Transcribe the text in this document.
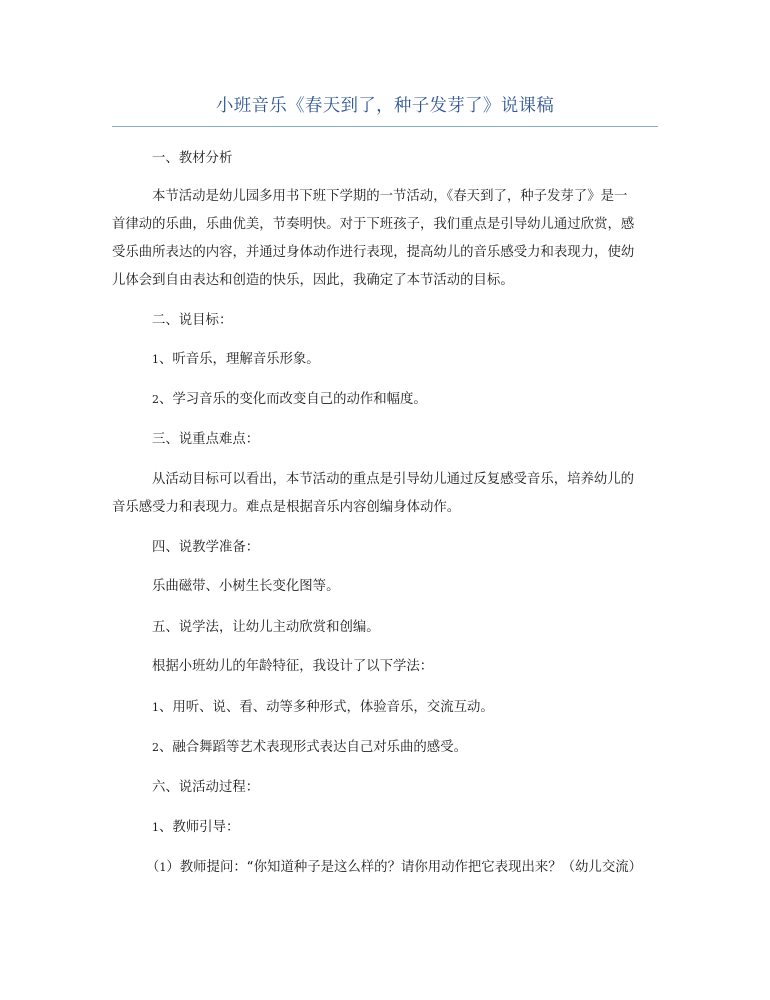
小班音乐《春天到了，种子发芽了》说课稿
一、教材分析
本节活动是幼儿园多用书下班下学期的一节活动，《春天到了，种子发芽了》是一
首律动的乐曲，乐曲优美，节奏明快。对于下班孩子，我们重点是引导幼儿通过欣赏，感
受乐曲所表达的内容，并通过身体动作进行表现，提高幼儿的音乐感受力和表现力，使幼
儿体会到自由表达和创造的快乐，因此，我确定了本节活动的目标。
二、说目标：
1、听音乐，理解音乐形象。
2、学习音乐的变化而改变自己的动作和幅度。
三、说重点难点：
从活动目标可以看出，本节活动的重点是引导幼儿通过反复感受音乐，培养幼儿的
音乐感受力和表现力。难点是根据音乐内容创编身体动作。
四、说教学准备：
乐曲磁带、小树生长变化图等。
五、说学法，让幼儿主动欣赏和创编。
根据小班幼儿的年龄特征，我设计了以下学法：
1、用听、说、看、动等多种形式，体验音乐，交流互动。
2、融合舞蹈等艺术表现形式表达自己对乐曲的感受。
六、说活动过程：
1、教师引导：
（1）教师提问：“你知道种子是这么样的？请你用动作把它表现出来？（幼儿交流）
